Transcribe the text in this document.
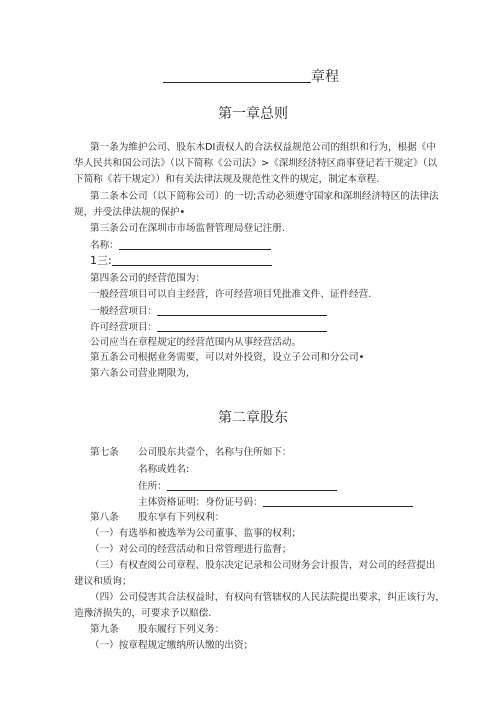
章程
第一章总则
第一条为维护公司、股东木DI责权人的合法权益规范公司的组织和行为，根据《中
华人民共和国公司法》（以下简称《公司法》>《深圳经济特区商事登记若干规定》（以
下简称《若干规定》）和有关法律法规及规范性文件的规定，制定本章程.
第二条本公司（以下简称公司）的一切;舌动必须遵守国家和深圳经济特区的法律法
规，并受法律法规的保护•
第三条公司在深圳市市场监督管理局登记注册.
名称：
1三:
第四条公司的经营范围为：
一般经营项目可以自主经营，许可经营项目凭批准文件、证件经营.
一般经营项目：
许可经营项目：
公司应当在章程规定的经营范围内从事经营活动。
第五条公司根据业务需要，可以对外投资，设立子公司和分公司•
第六条公司营业期限为,
第二章股东
第七条 公司股东共壹个，名称与住所如下：
名称或姓名:
住所：
主体资格证明：身份证号码：
第八条 股东享有下列权利：
（一）有选举和被选举为公司董事、监事的权利；
（一）对公司的经营活动和日常管理进行监督；
（三）有权查阅公司章程、股东决定记录和公司财务会计报告，对公司的经营提出
建议和质询；
（四）公司侵害其合法权益时，有权向有管辖权的人民法院提出要求，纠正该行为，
造豫济损失的，可要求予以赔偿.
第九条 股东履行下列义务：
（一）按章程规定缴纳所认缴的出资；
